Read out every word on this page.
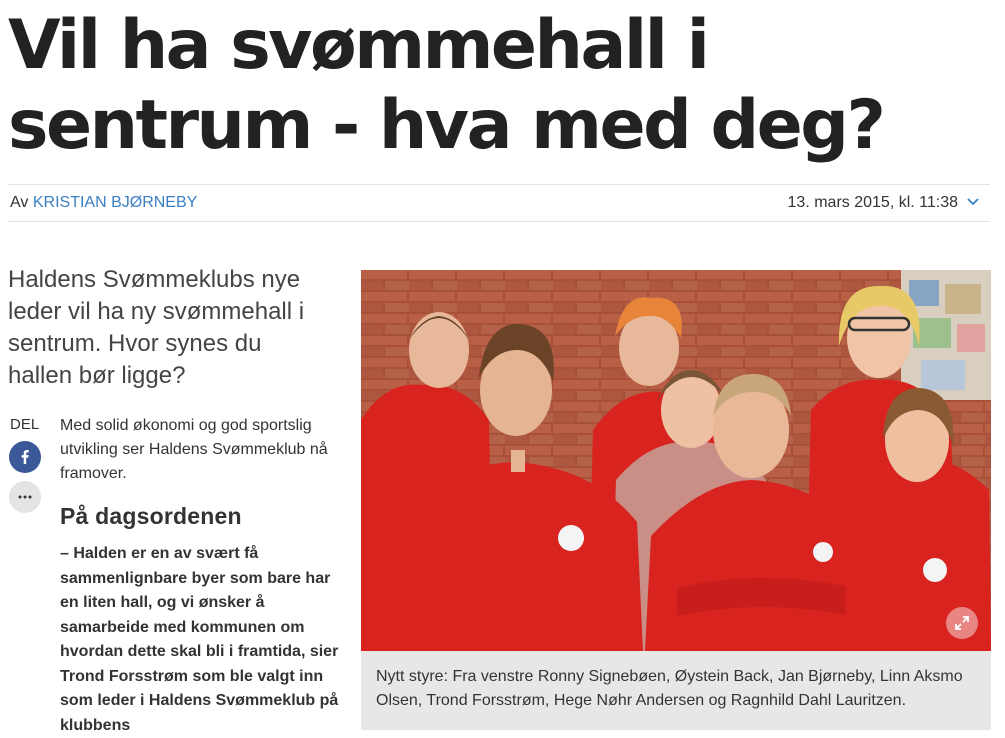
Vil ha svømmehall i sentrum - hva med deg?
Av KRISTIAN BJØRNEBY	13. mars 2015, kl. 11:38
Haldens Svømmeklubs nye leder vil ha ny svømmehall i sentrum. Hvor synes du hallen bør ligge?
DEL Med solid økonomi og god sportslig utvikling ser Haldens Svømmeklub nå framover.

På dagsordenen

– Halden er en av svært få sammenlignbare byer som bare har en liten hall, og vi ønsker å samarbeide med kommunen om hvordan dette skal bli i framtida, sier Trond Forsstrøm som ble valgt inn som leder i Haldens Svømmeklub på klubbens

Nytt styre: Fra venstre Ronny Signebøen, Øystein Back, Jan Bjørneby, Linn Aksmo Olsen, Trond Forsstrøm, Hege Nøhr Andersen og Ragnhild Dahl Lauritzen.
